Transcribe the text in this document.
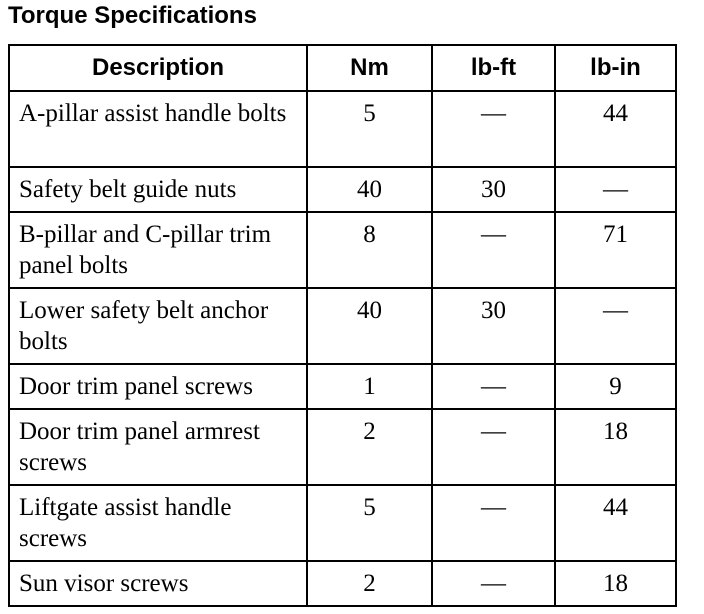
Torque Specifications
Description	Nm	lb-ft	lb-in
A-pillar assist handle bolts	5	—	44
Safety belt guide nuts	40	30	—
B-pillar and C-pillar trim panel bolts	8	—	71
Lower safety belt anchor bolts	40	30	—
Door trim panel screws	1	—	9
Door trim panel armrest screws	2	—	18
Liftgate assist handle screws	5	—	44
Sun visor screws	2	—	18
